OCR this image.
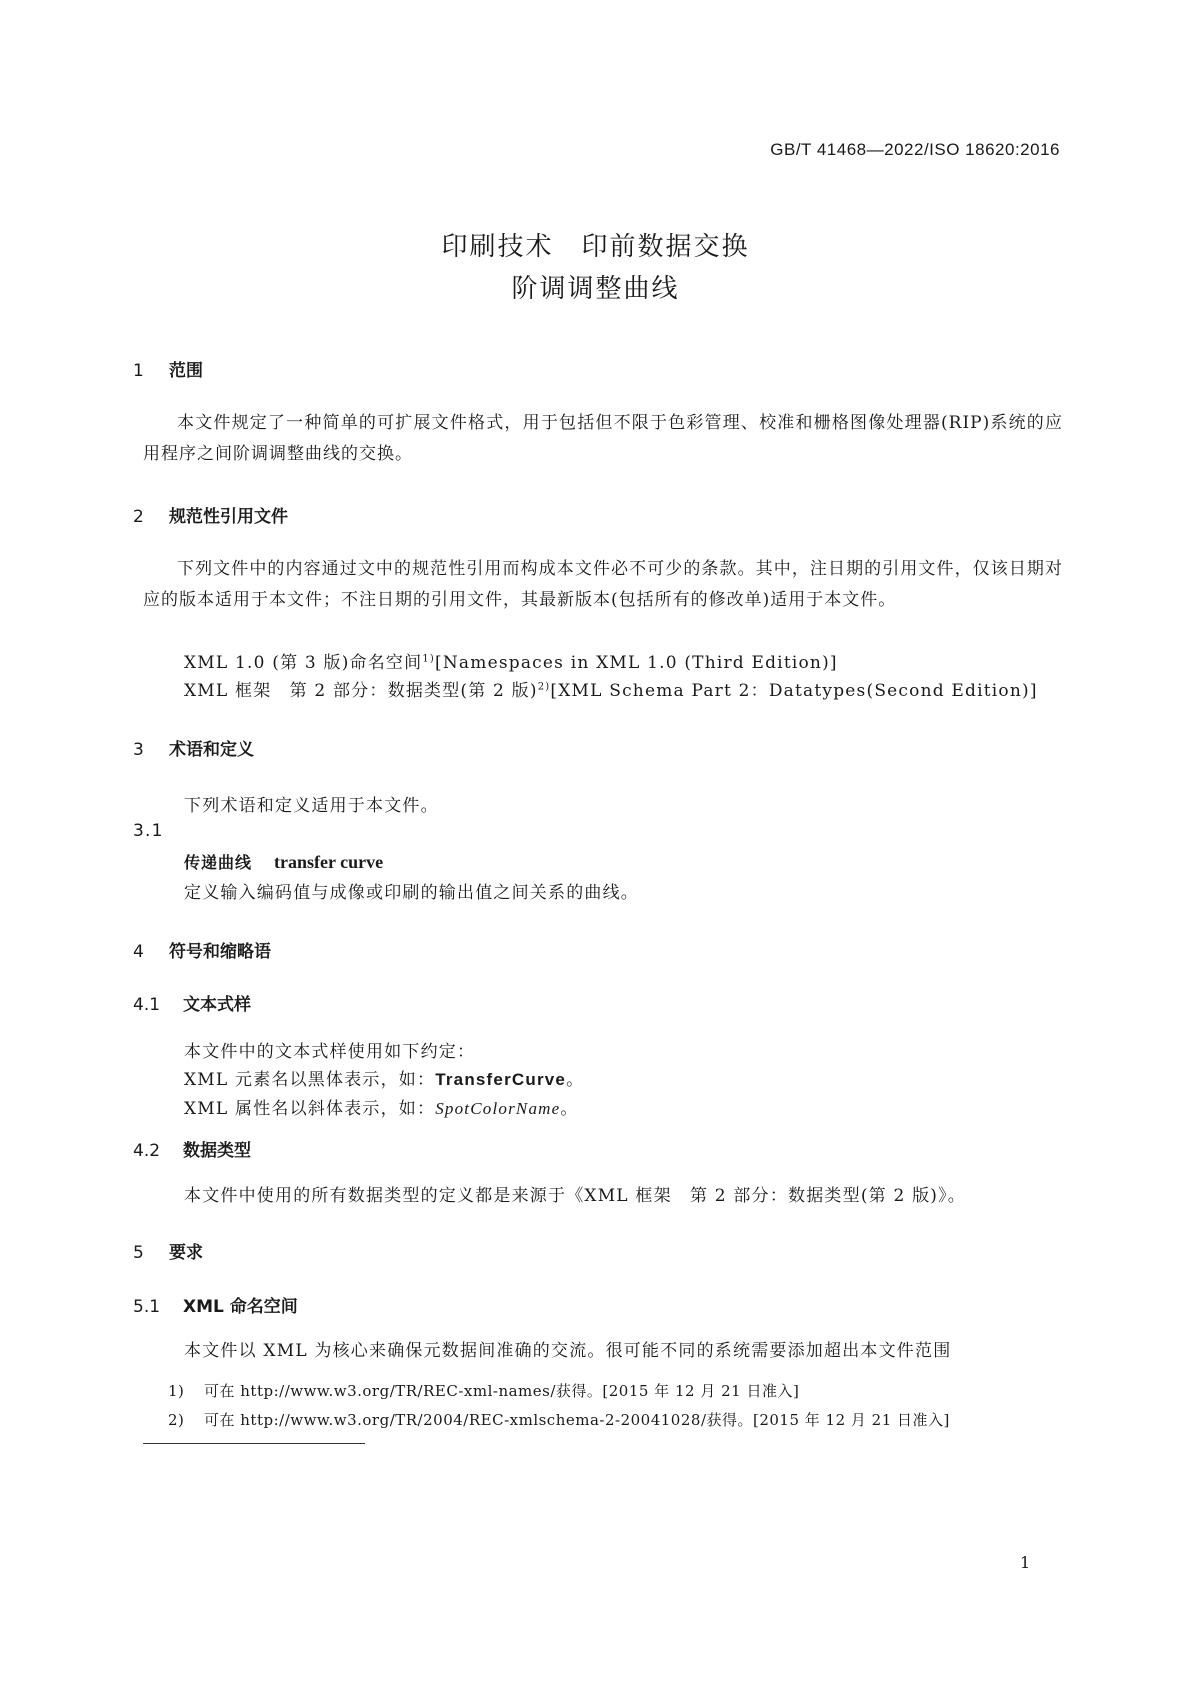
GB/T 41468—2022/ISO 18620:2016
印刷技术　印前数据交换
阶调调整曲线
1 范围
本文件规定了一种简单的可扩展文件格式，用于包括但不限于色彩管理、校准和栅格图像处理器(RIP)系统的应用程序之间阶调调整曲线的交换。
2 规范性引用文件
下列文件中的内容通过文中的规范性引用而构成本文件必不可少的条款。其中，注日期的引用文件，仅该日期对应的版本适用于本文件；不注日期的引用文件，其最新版本(包括所有的修改单)适用于本文件。
XML 1.0 (第 3 版)命名空间$^{1)}$[Namespaces in XML 1.0 (Third Edition)]
XML 框架　第 2 部分：数据类型(第 2 版)$^{2)}$[XML Schema Part 2：Datatypes(Second Edition)]
3 术语和定义
下列术语和定义适用于本文件。
3.1
传递曲线 transfer curve
定义输入编码值与成像或印刷的输出值之间关系的曲线。
4 符号和缩略语
4.1 文本式样
本文件中的文本式样使用如下约定：
XML 元素名以黑体表示，如：TransferCurve。
XML 属性名以斜体表示，如：SpotColorName。
4.2 数据类型
本文件中使用的所有数据类型的定义都是来源于《XML 框架　第 2 部分：数据类型(第 2 版)》。
5 要求
5.1 XML 命名空间
本文件以 XML 为核心来确保元数据间准确的交流。很可能不同的系统需要添加超出本文件范围
1) 可在 http://www.w3.org/TR/REC-xml-names/获得。[2015 年 12 月 21 日准入]
2) 可在 http://www.w3.org/TR/2004/REC-xmlschema-2-20041028/获得。[2015 年 12 月 21 日准入]
1
